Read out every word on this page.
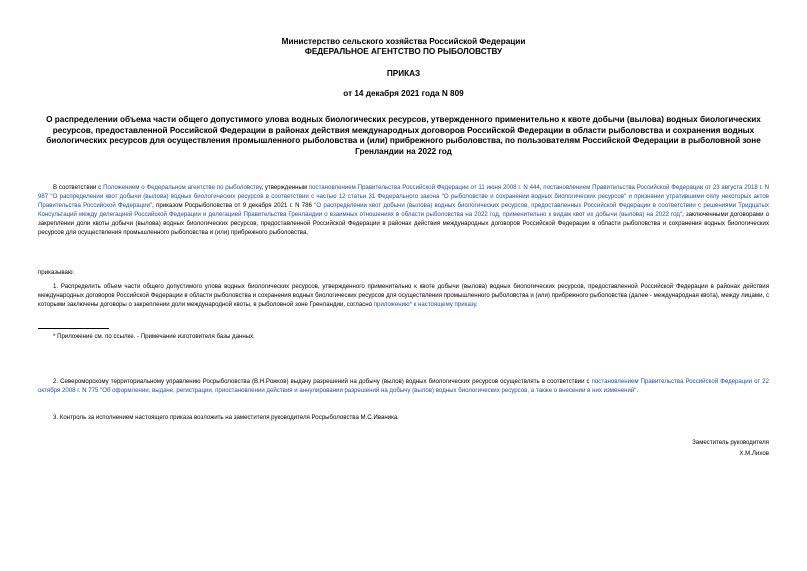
Министерство сельского хозяйства Российской Федерации
ФЕДЕРАЛЬНОЕ АГЕНТСТВО ПО РЫБОЛОВСТВУ
ПРИКАЗ
от 14 декабря 2021 года N 809
О распределении объема части общего допустимого улова водных биологических ресурсов, утвержденного применительно к квоте добычи (вылова) водных биологических ресурсов, предоставленной Российской Федерации в районах действия международных договоров Российской Федерации в области рыболовства и сохранения водных биологических ресурсов для осуществления промышленного рыболовства и (или) прибрежного рыболовства, по пользователям Российской Федерации в рыболовной зоне Гренландии на 2022 год
В соответствии с Положением о Федеральном агентстве по рыболовству, утвержденным постановлением Правительства Российской Федерации от 11 июня 2008 г. N 444, постановлением Правительства Российской Федерации от 23 августа 2018 г. N 987 "О распределении квот добычи (вылова) водных биологических ресурсов в соответствии с частью 12 статьи 31 Федерального закона "О рыболовстве и сохранении водных биологических ресурсов" и признании утратившими силу некоторых актов Правительства Российской Федерации", приказом Росрыболовства от 9 декабря 2021 г. N 786 "О распределении квот добычи (вылова) водных биологических ресурсов, предоставленных Российской Федерации в соответствии с решениями Тридцатых Консультаций между делегацией Российской Федерации и делегацией Правительства Гренландии о взаимных отношениях в области рыболовства на 2022 год, применительно к видам квот их добычи (вылова) на 2022 год", заключенными договорами о закреплении доли квоты добычи (вылова) водных биологических ресурсов, предоставленной Российской Федерации в районах действия международных договоров Российской Федерации в области рыболовства и сохранения водных биологических ресурсов для осуществления промышленного рыболовства и (или) прибрежного рыболовства,
приказываю:
1. Распределить объем части общего допустимого улова водных биологических ресурсов, утвержденного применительно к квоте добычи (вылова) водных биологических ресурсов, предоставленной Российской Федерации в районах действия международных договоров Российской Федерации в области рыболовства и сохранения водных биологических ресурсов для осуществления промышленного рыболовства и (или) прибрежного рыболовства (далее - международная квота), между лицами, с которыми заключены договоры о закреплении доли международной квоты, в рыболовной зоне Гренландии, согласно приложению* к настоящему приказу.
* Приложение см. по ссылке. - Примечание изготовителя базы данных.
2. Североморскому территориальному управлению Росрыболовства (В.Н.Рожков) выдачу разрешений на добычу (вылов) водных биологических ресурсов осуществлять в соответствии с постановлением Правительства Российской Федерации от 22 октября 2008 г. N 775 "Об оформлении, выдаче, регистрации, приостановлении действия и аннулировании разрешений на добычу (вылов) водных биологических ресурсов, а также о внесении в них изменений".
3. Контроль за исполнением настоящего приказа возложить на заместителя руководителя Росрыболовства М.С.Иваника.
Заместитель руководителя
Х.М.Лиxов
